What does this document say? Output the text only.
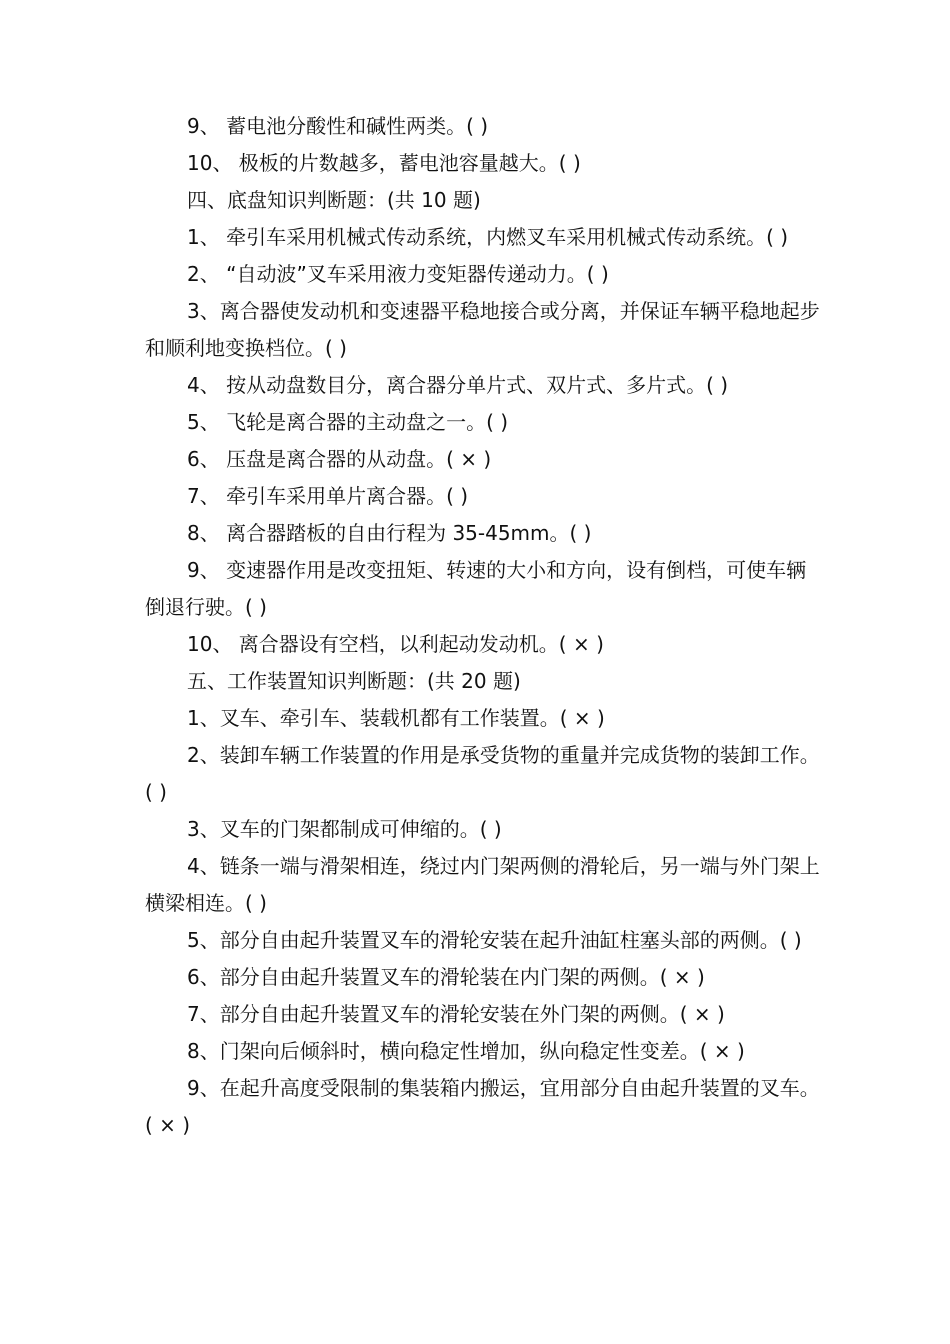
9、 蓄电池分酸性和碱性两类。( )

10、 极板的片数越多，蓄电池容量越大。( )

四、底盘知识判断题：(共 10 题)

1、 牵引车采用机械式传动系统，内燃叉车采用机械式传动系统。( )

2、 “自动波”叉车采用液力变矩器传递动力。( )

3、离合器使发动机和变速器平稳地接合或分离，并保证车辆平稳地起步和顺利地变换档位。( )

4、 按从动盘数目分，离合器分单片式、双片式、多片式。( )

5、 飞轮是离合器的主动盘之一。( )

6、 压盘是离合器的从动盘。( × )

7、 牵引车采用单片离合器。( )

8、 离合器踏板的自由行程为 35-45mm。( )

9、 变速器作用是改变扭矩、转速的大小和方向，设有倒档，可使车辆倒退行驶。( )

10、 离合器设有空档，以利起动发动机。( × )

五、工作装置知识判断题：(共 20 题)

1、叉车、牵引车、装载机都有工作装置。( × )

2、装卸车辆工作装置的作用是承受货物的重量并完成货物的装卸工作。( )

3、叉车的门架都制成可伸缩的。( )

4、链条一端与滑架相连，绕过内门架两侧的滑轮后，另一端与外门架上横梁相连。( )

5、部分自由起升装置叉车的滑轮安装在起升油缸柱塞头部的两侧。( )

6、部分自由起升装置叉车的滑轮装在内门架的两侧。( × )

7、部分自由起升装置叉车的滑轮安装在外门架的两侧。( × )

8、门架向后倾斜时，横向稳定性增加，纵向稳定性变差。( × )

9、在起升高度受限制的集装箱内搬运，宜用部分自由起升装置的叉车。( × )
